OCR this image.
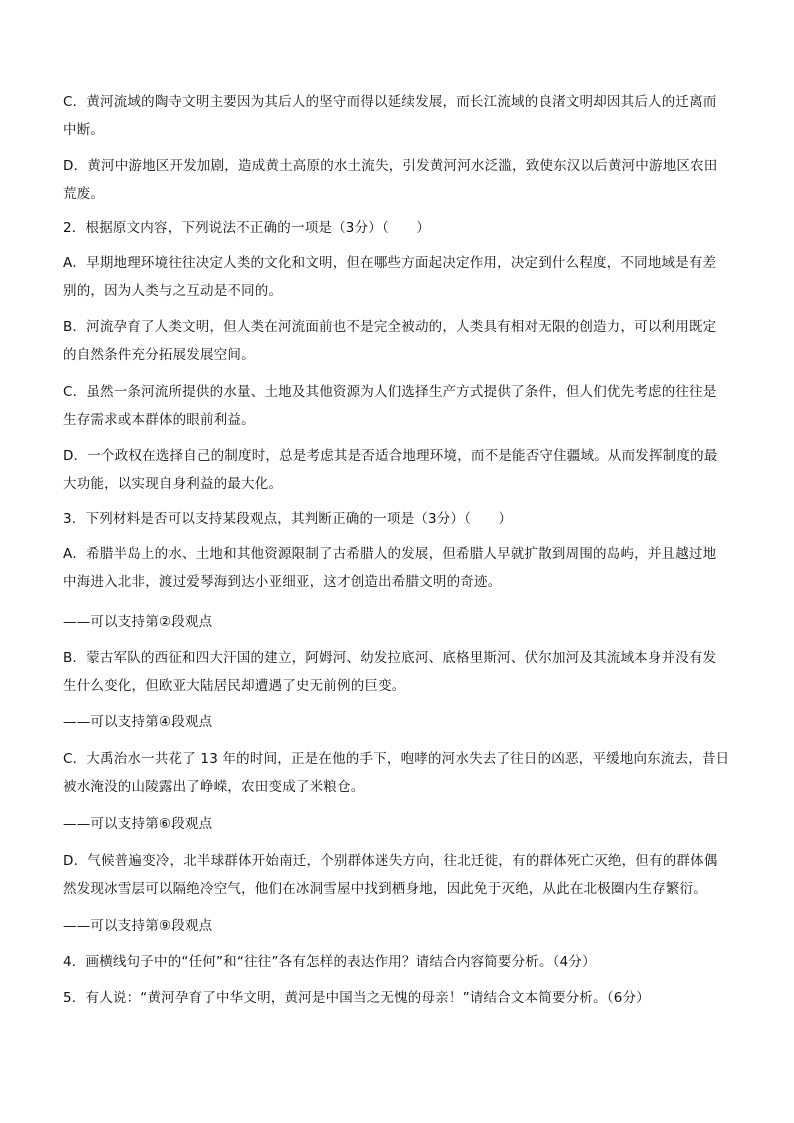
C．黄河流域的陶寺文明主要因为其后人的坚守而得以延续发展，而长江流域的良渚文明却因其后人的迁离而
中断。

D．黄河中游地区开发加剧，造成黄土高原的水土流失，引发黄河河水泛滥，致使东汉以后黄河中游地区农田
荒废。

2．根据原文内容，下列说法不正确的一项是（3分）（　　）

A．早期地理环境往往决定人类的文化和文明，但在哪些方面起决定作用，决定到什么程度，不同地域是有差
别的，因为人类与之互动是不同的。

B．河流孕育了人类文明，但人类在河流面前也不是完全被动的，人类具有相对无限的创造力，可以利用既定
的自然条件充分拓展发展空间。

C．虽然一条河流所提供的水量、土地及其他资源为人们选择生产方式提供了条件，但人们优先考虑的往往是
生存需求或本群体的眼前利益。

D．一个政权在选择自己的制度时，总是考虑其是否适合地理环境，而不是能否守住疆域。从而发挥制度的最
大功能，以实现自身利益的最大化。

3．下列材料是否可以支持某段观点，其判断正确的一项是（3分）（　　）

A．希腊半岛上的水、土地和其他资源限制了古希腊人的发展，但希腊人早就扩散到周围的岛屿，并且越过地
中海进入北非，渡过爱琴海到达小亚细亚，这才创造出希腊文明的奇迹。

——可以支持第②段观点

B．蒙古军队的西征和四大汗国的建立，阿姆河、幼发拉底河、底格里斯河、伏尔加河及其流域本身并没有发
生什么变化，但欧亚大陆居民却遭遇了史无前例的巨变。

——可以支持第④段观点

C．大禹治水一共花了 13 年的时间，正是在他的手下，咆哮的河水失去了往日的凶恶，平缓地向东流去，昔日
被水淹没的山陵露出了峥嵘，农田变成了米粮仓。

——可以支持第⑥段观点

D．气候普遍变冷，北半球群体开始南迁，个别群体迷失方向，往北迁徙，有的群体死亡灭绝，但有的群体偶
然发现冰雪层可以隔绝冷空气，他们在冰洞雪屋中找到栖身地，因此免于灭绝，从此在北极圈内生存繁衍。

——可以支持第⑨段观点

4．画横线句子中的“任何”和“往往”各有怎样的表达作用？请结合内容简要分析。（4分）

5．有人说：“黄河孕育了中华文明，黄河是中国当之无愧的母亲！”请结合文本简要分析。（6分）
